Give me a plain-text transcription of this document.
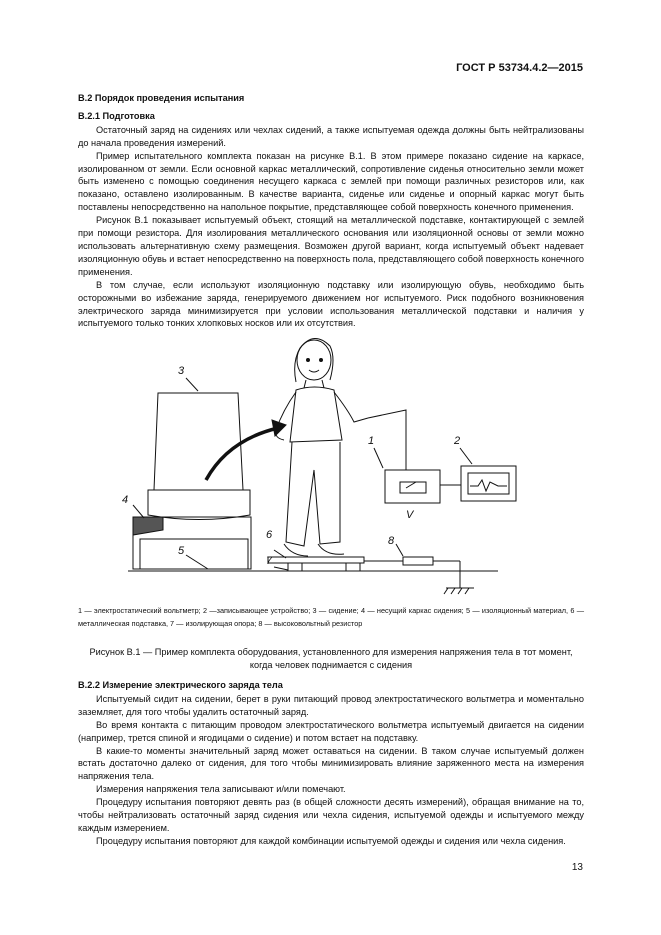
ГОСТ Р 53734.4.2—2015

B.2 Порядок проведения испытания

B.2.1 Подготовка

Остаточный заряд на сидениях или чехлах сидений, а также испытуемая одежда должны быть нейтрализованы до начала проведения измерений.

Пример испытательного комплекта показан на рисунке B.1. В этом примере показано сидение на каркасе, изолированном от земли. Если основной каркас металлический, сопротивление сиденья относительно земли может быть изменено с помощью соединения несущего каркаса с землей при помощи различных резисторов или, как показано, оставлено изолированным. В качестве варианта, сиденье или сиденье и опорный каркас могут быть поставлены непосредственно на напольное покрытие, представляющее собой поверхность конечного применения.

Рисунок B.1 показывает испытуемый объект, стоящий на металлической подставке, контактирующей с землей при помощи резистора. Для изолирования металлического основания или изоляционной основы от земли можно использовать альтернативную схему размещения. Возможен другой вариант, когда испытуемый объект надевает изоляционную обувь и встает непосредственно на поверхность пола, представляющего собой поверхность конечного применения.

В том случае, если используют изоляционную подставку или изолирующую обувь, необходимо быть осторожными во избежание заряда, генерируемого движением ног испытуемого. Риск подобного возникновения электрического заряда минимизируется при условии использования металлической подставки и наличия у испытуемого только тонких хлопковых носков или их отсутствия.

3
4
5
6
7
1	2
8
V
1 — электростатический вольтметр; 2 —записывающее устройство; 3 — сидение; 4 — несущий каркас сидения; 5 — изоляционный материал, 6 — металлическая подставка, 7 — изолирующая опора; 8 — высоковольтный резистор
Рисунок B.1 — Пример комплекта оборудования, установленного для измерения напряжения тела в тот момент, когда человек поднимается с сидения

B.2.2 Измерение электрического заряда тела

Испытуемый сидит на сидении, берет в руки питающий провод электростатического вольтметра и моментально заземляет, для того чтобы удалить остаточный заряд.

Во время контакта с питающим проводом электростатического вольтметра испытуемый двигается на сидении (например, трется спиной и ягодицами о сидение) и потом встает на подставку.

В какие-то моменты значительный заряд может оставаться на сидении. В таком случае испытуемый должен встать достаточно далеко от сидения, для того чтобы минимизировать влияние заряженного места на измерения напряжения тела.

Измерения напряжения тела записывают и/или помечают.

Процедуру испытания повторяют девять раз (в общей сложности десять измерений), обращая внимание на то, чтобы нейтрализовать остаточный заряд сидения или чехла сидения, испытуемой одежды и испытуемого между каждым измерением.

Процедуру испытания повторяют для каждой комбинации испытуемой одежды и сидения или чехла сидения.

13
